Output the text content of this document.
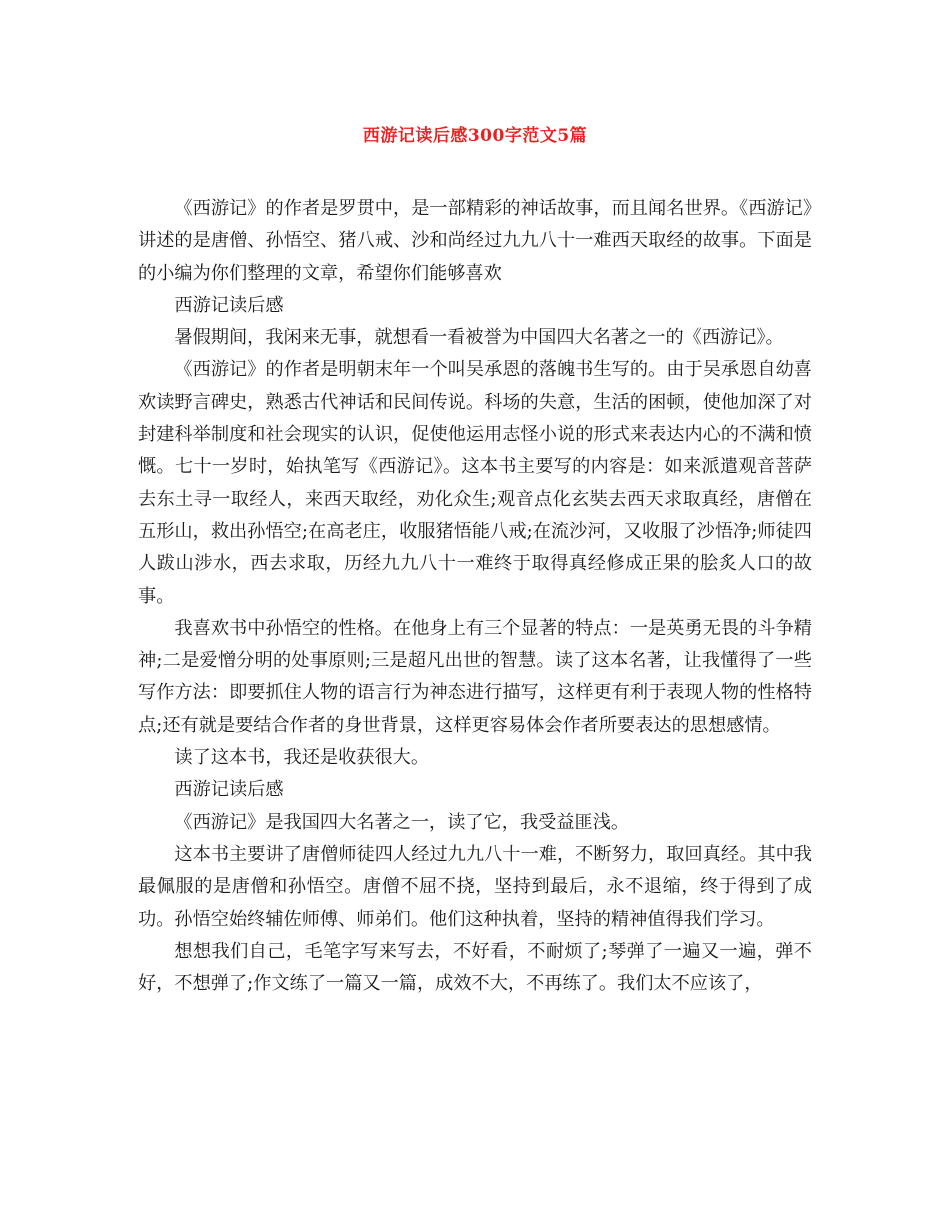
西游记读后感300字范文5篇

《西游记》的作者是罗贯中，是一部精彩的神话故事，而且闻名世界。《西游记》讲述的是唐僧、孙悟空、猪八戒、沙和尚经过九九八十一难西天取经的故事。下面是的小编为你们整理的文章，希望你们能够喜欢

西游记读后感

暑假期间，我闲来无事，就想看一看被誉为中国四大名著之一的《西游记》。

《西游记》的作者是明朝末年一个叫吴承恩的落魄书生写的。由于吴承恩自幼喜欢读野言碑史，熟悉古代神话和民间传说。科场的失意，生活的困顿，使他加深了对封建科举制度和社会现实的认识，促使他运用志怪小说的形式来表达内心的不满和愤慨。七十一岁时，始执笔写《西游记》。这本书主要写的内容是：如来派遣观音菩萨去东土寻一取经人，来西天取经，劝化众生;观音点化玄奘去西天求取真经，唐僧在五形山，救出孙悟空;在高老庄，收服猪悟能八戒;在流沙河，又收服了沙悟净;师徒四人跋山涉水，西去求取，历经九九八十一难终于取得真经修成正果的脍炙人口的故事。

我喜欢书中孙悟空的性格。在他身上有三个显著的特点：一是英勇无畏的斗争精神;二是爱憎分明的处事原则;三是超凡出世的智慧。读了这本名著，让我懂得了一些写作方法：即要抓住人物的语言行为神态进行描写，这样更有利于表现人物的性格特点;还有就是要结合作者的身世背景，这样更容易体会作者所要表达的思想感情。

读了这本书，我还是收获很大。

西游记读后感

《西游记》是我国四大名著之一，读了它，我受益匪浅。

这本书主要讲了唐僧师徒四人经过九九八十一难，不断努力，取回真经。其中我最佩服的是唐僧和孙悟空。唐僧不屈不挠，坚持到最后，永不退缩，终于得到了成功。孙悟空始终辅佐师傅、师弟们。他们这种执着，坚持的精神值得我们学习。

想想我们自己，毛笔字写来写去，不好看，不耐烦了;琴弹了一遍又一遍，弹不好，不想弹了;作文练了一篇又一篇，成效不大，不再练了。我们太不应该了，
